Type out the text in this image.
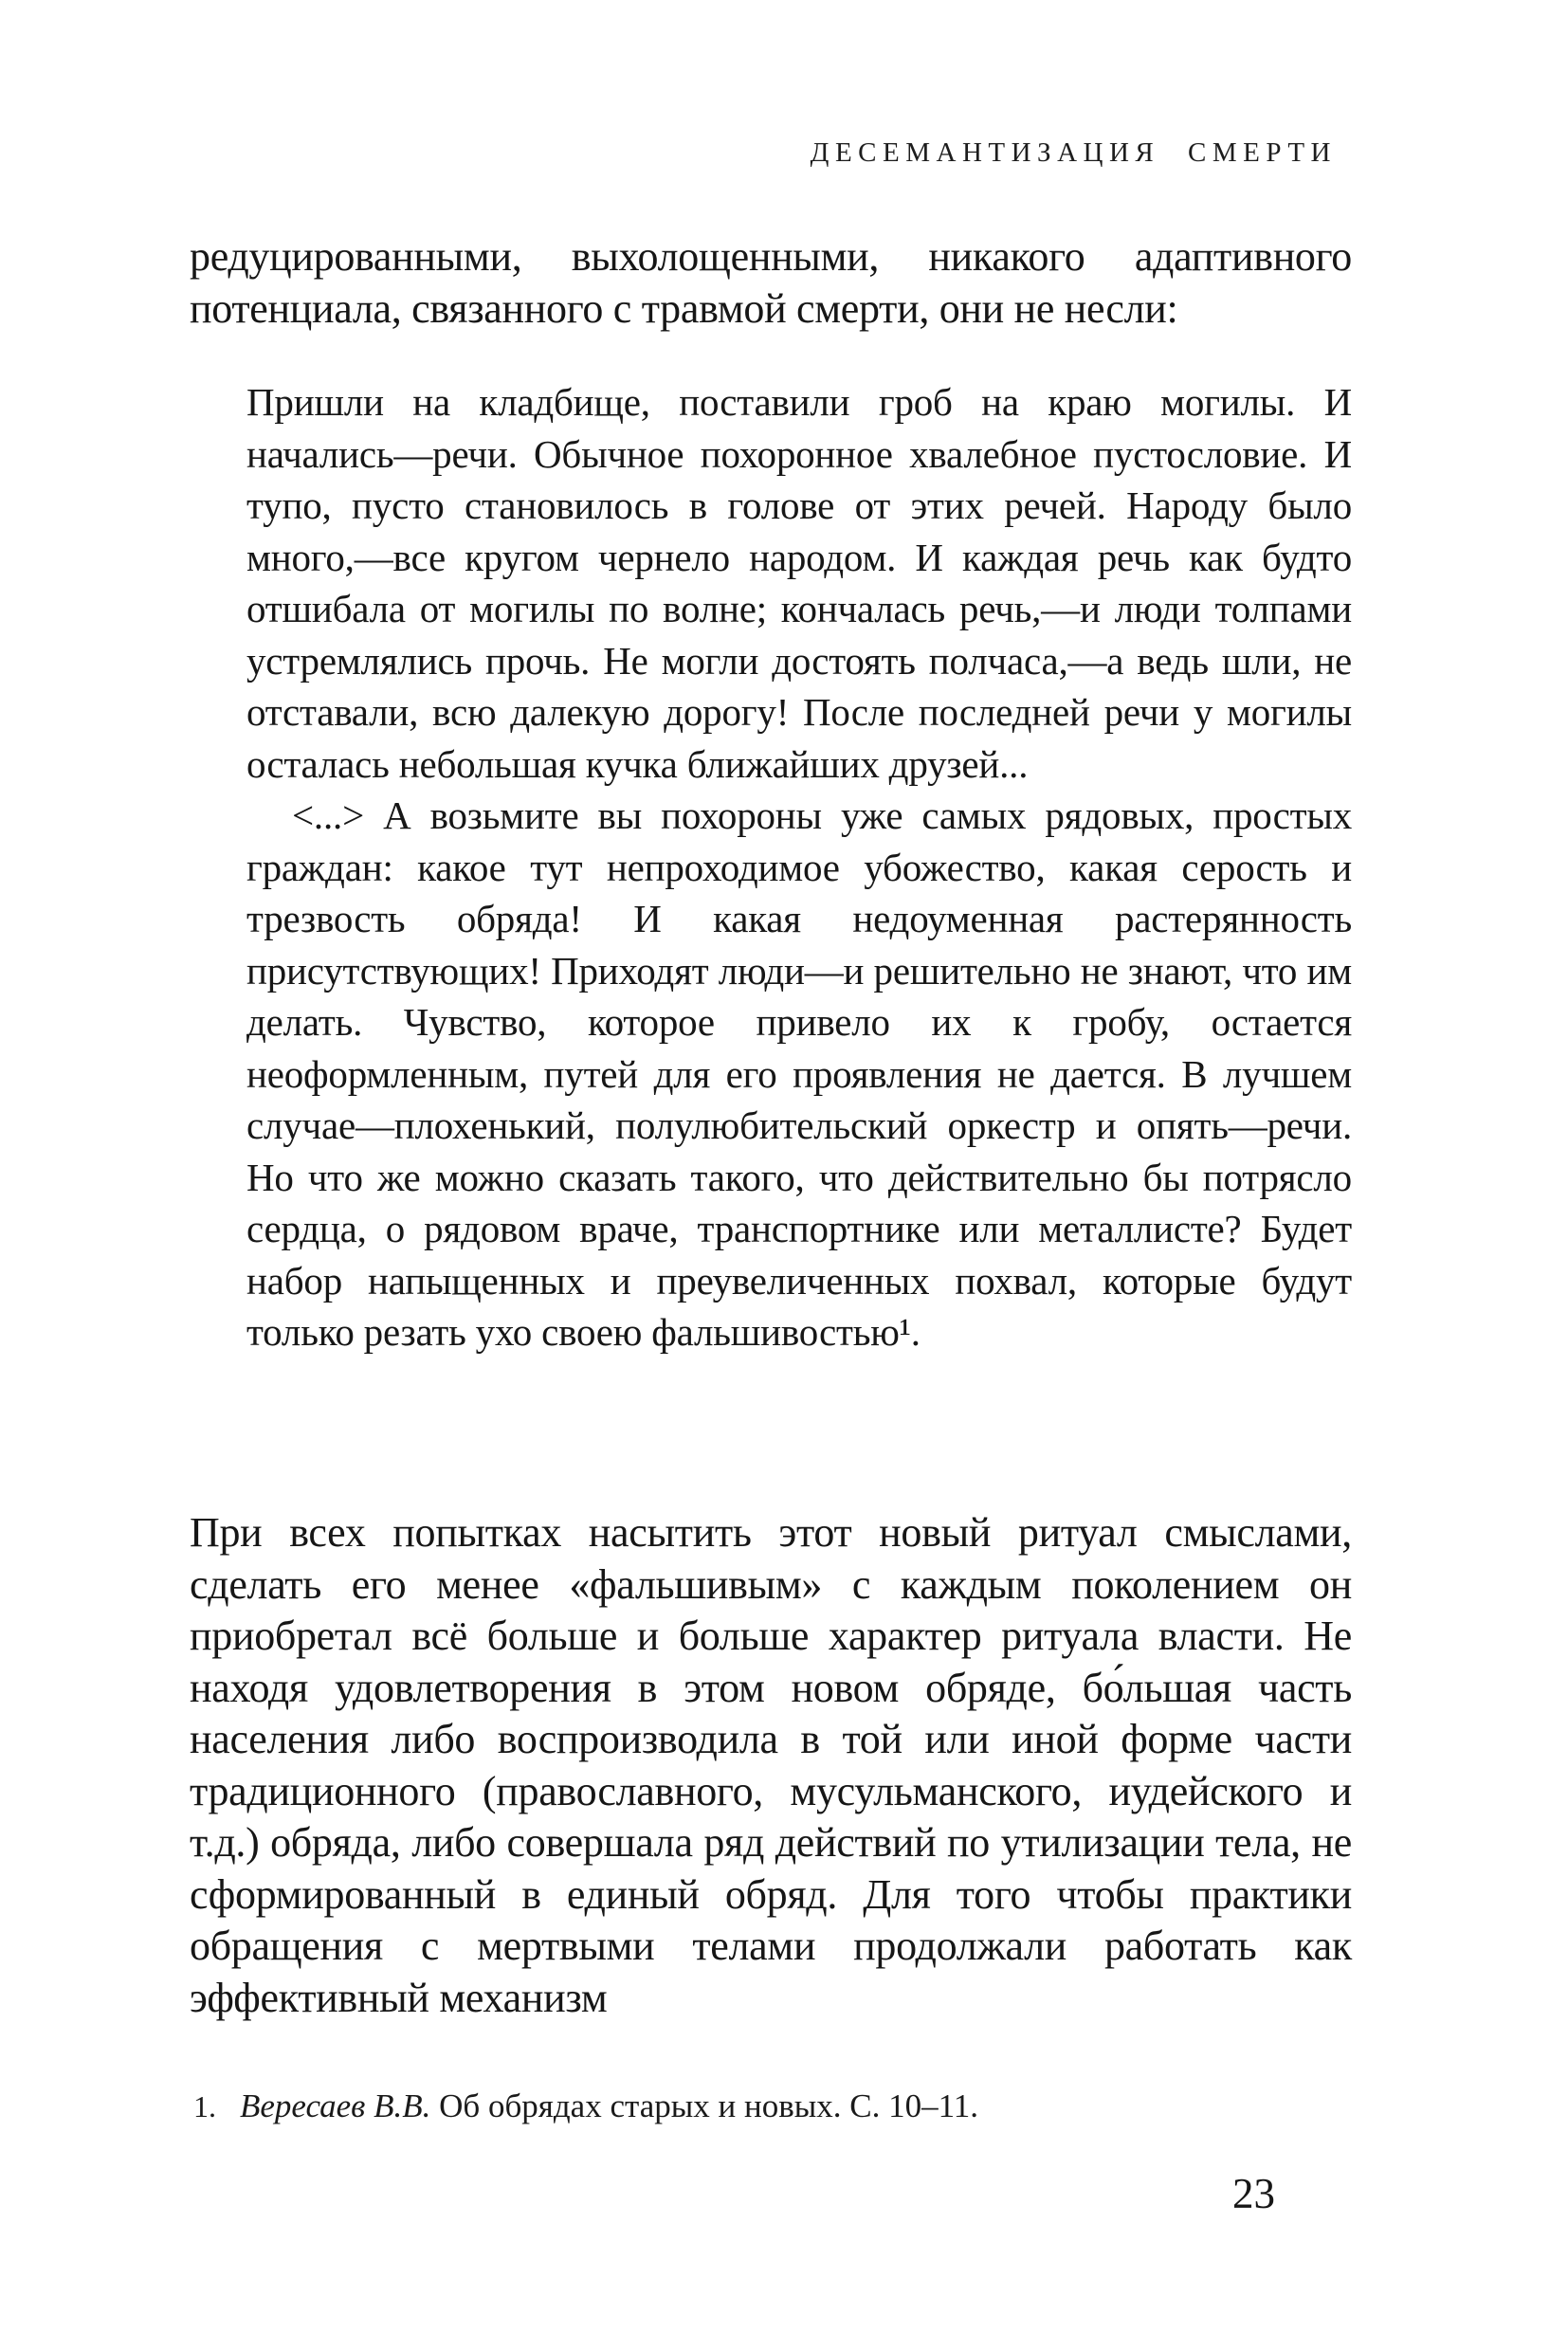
ДЕСЕМАНТИЗАЦИЯ СМЕРТИ

редуцированными, выхолощенными, никакого адаптивного потенциала, связанного с травмой смерти, они не несли:

Пришли на кладбище, поставили гроб на краю могилы. И начались—речи. Обычное похоронное хвалебное пустословие. И тупо, пусто становилось в голове от этих речей. Народу было много,—все кругом чернело народом. И каждая речь как будто отшибала от могилы по волне; кончалась речь,—и люди толпами устремлялись прочь. Не могли достоять полчаса,—а ведь шли, не отставали, всю далекую дорогу! После последней речи у могилы осталась небольшая кучка ближайших друзей...

<...> А возьмите вы похороны уже самых рядовых, простых граждан: какое тут непроходимое убожество, какая серость и трезвость обряда! И какая недоуменная растерянность присутствующих! Приходят люди—и решительно не знают, что им делать. Чувство, которое привело их к гробу, остается неоформленным, путей для его проявления не дается. В лучшем случае—плохенький, полулюбительский оркестр и опять—речи. Но что же можно сказать такого, что действительно бы потрясло сердца, о рядовом враче, транспортнике или металлисте? Будет набор напыщенных и преувеличенных похвал, которые будут только резать ухо своею фальшивостью¹.

При всех попытках насытить этот новый ритуал смыслами, сделать его менее «фальшивым» с каждым поколением он приобретал всё больше и больше характер ритуала власти. Не находя удовлетворения в этом новом обряде, бо́льшая часть населения либо воспроизводила в той или иной форме части традиционного (православного, мусульманского, иудейского и т.д.) обряда, либо совершала ряд действий по утилизации тела, не сформированный в единый обряд. Для того чтобы практики обращения с мертвыми телами продолжали работать как эффективный механизм

1. Вересаев В.В. Об обрядах старых и новых. С. 10–11.
23
